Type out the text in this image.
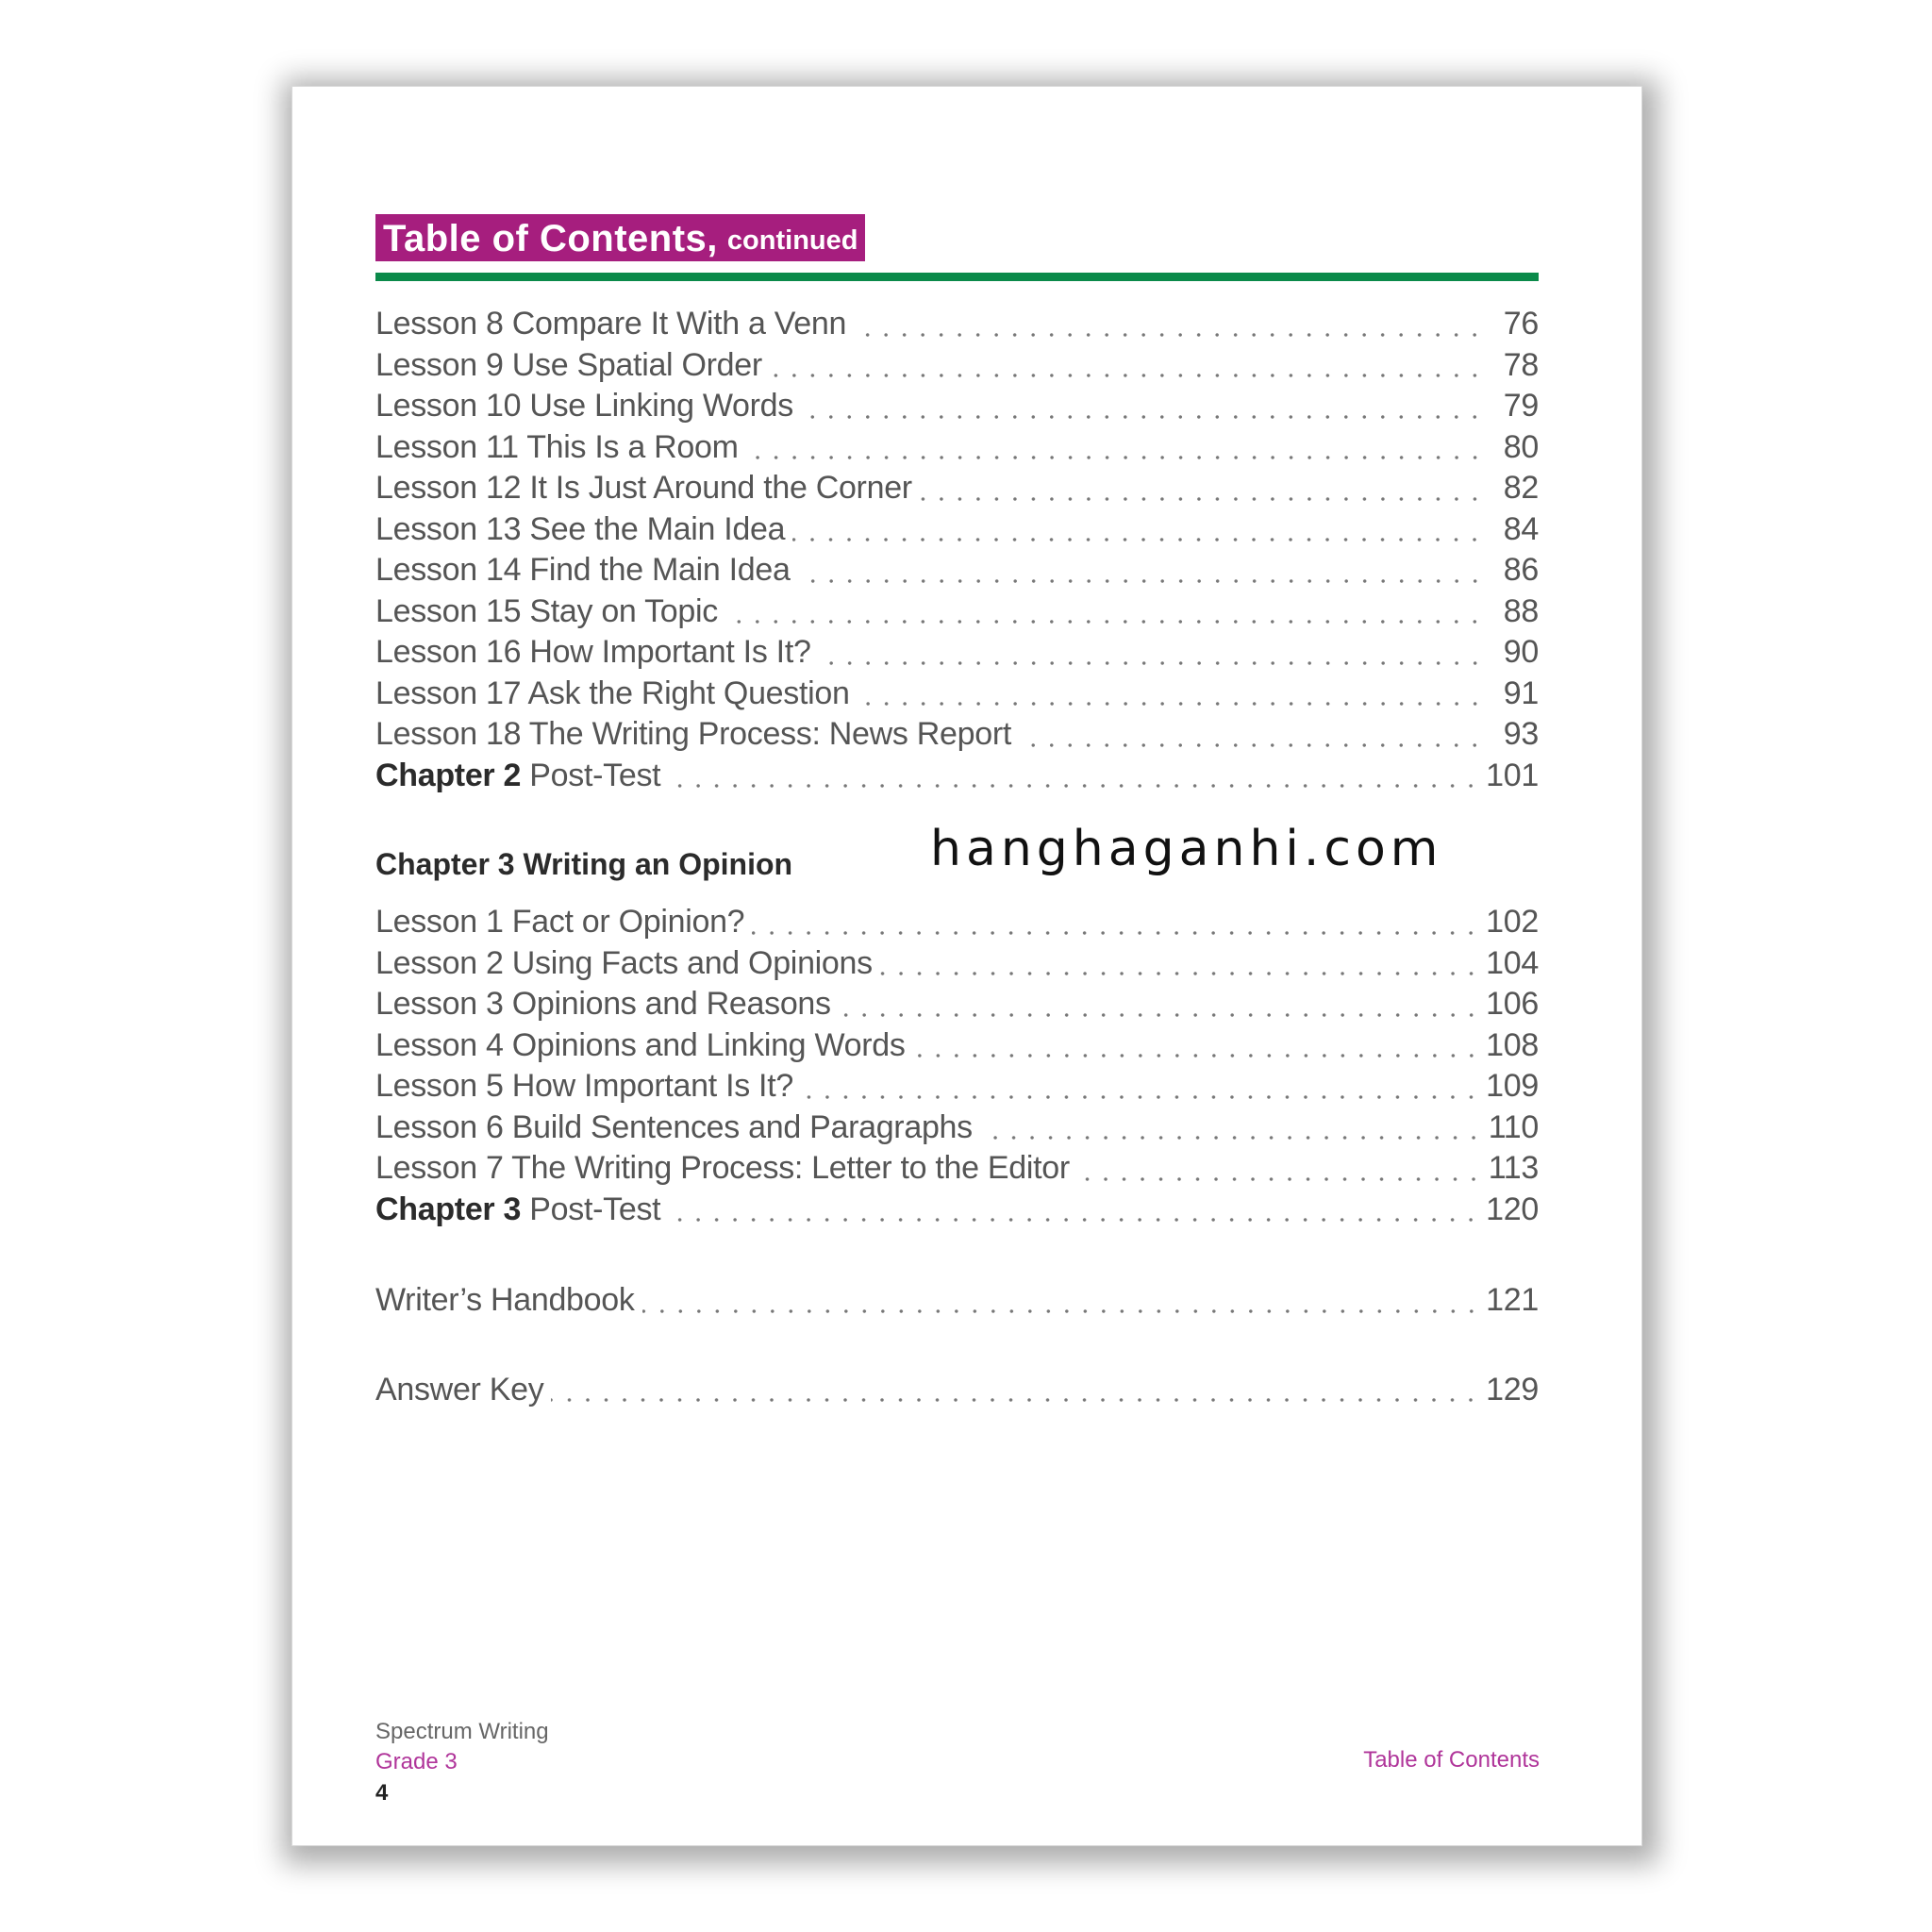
Table of Contents, continued
Lesson 8 Compare It With a Venn	76
Lesson 9 Use Spatial Order	78
Lesson 10 Use Linking Words	79
Lesson 11 This Is a Room	80
Lesson 12 It Is Just Around the Corner	82
Lesson 13 See the Main Idea	84
Lesson 14 Find the Main Idea	86
Lesson 15 Stay on Topic	88
Lesson 16 How Important Is It?	90
Lesson 17 Ask the Right Question	91
Lesson 18 The Writing Process: News Report	93
Chapter 2 Post-Test	101
Chapter 3 Writing an Opinion
Lesson 1 Fact or Opinion?	102
Lesson 2 Using Facts and Opinions	104
Lesson 3 Opinions and Reasons	106
Lesson 4 Opinions and Linking Words	108
Lesson 5 How Important Is It?	109
Lesson 6 Build Sentences and Paragraphs	110
Lesson 7 The Writing Process: Letter to the Editor	113
Chapter 3 Post-Test	120
Writer’s Handbook	121
Answer Key	129
Spectrum Writing
Grade 3
4
Table of Contents
hanghaganhi.com
